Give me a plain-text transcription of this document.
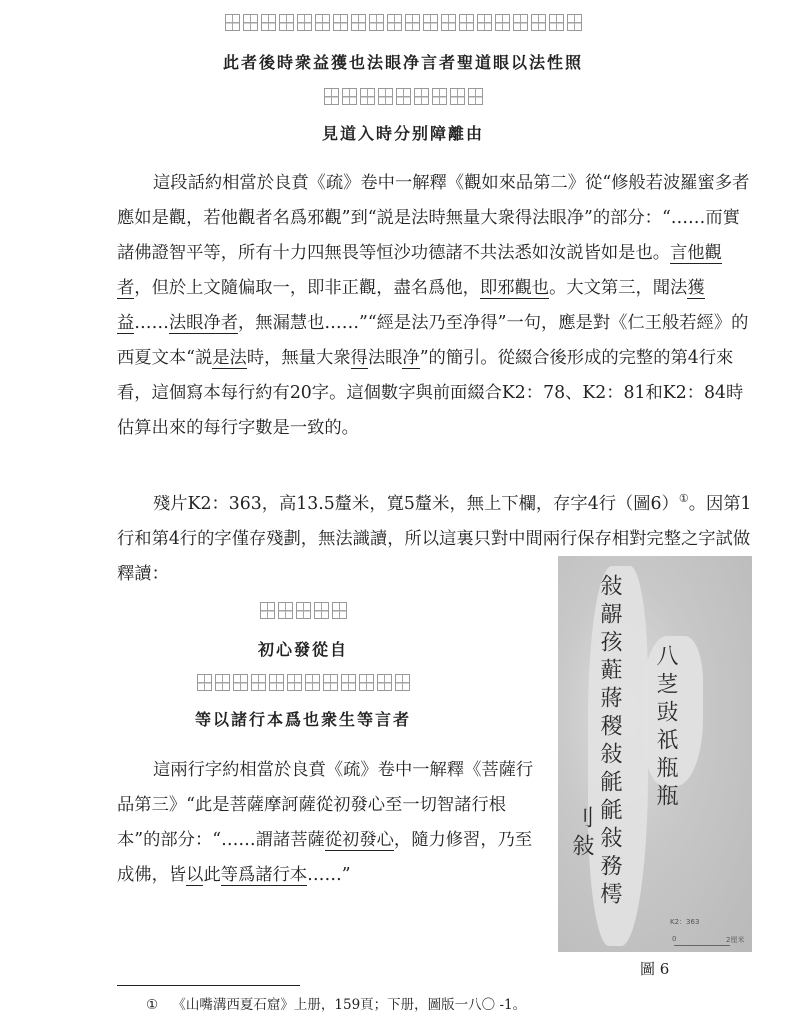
此者後時衆益獲也法眼净言者聖道眼以法性照
見道入時分别障離由

這段話約相當於良賁《疏》卷中一解釋《觀如來品第二》從“修般若波羅蜜多者應如是觀，若他觀者名爲邪觀”到“説是法時無量大衆得法眼净”的部分：“……而實諸佛證智平等，所有十力四無畏等恒沙功德諸不共法悉如汝説皆如是也。言他觀者，但於上文隨偏取一，即非正觀，盡名爲他，即邪觀也。大文第三，聞法獲益……法眼净者，無漏慧也……”“經是法乃至净得”一句，應是對《仁王般若經》的西夏文本“説是法時，無量大衆得法眼净”的簡引。從綴合後形成的完整的第4行來看，這個寫本每行約有20字。這個數字與前面綴合K2：78、K2：81和K2：84時估算出來的每行字數是一致的。

殘片K2：363，高13.5釐米，寬5釐米，無上下欄，存字4行（圖6）①。因第1行和第4行的字僅存殘劃，無法識讀，所以這裏只對中間兩行保存相對完整之字試做釋讀：

初心發從自
等以諸行本爲也衆生等言者

這兩行字約相當於良賁《疏》卷中一解釋《菩薩行品第三》“此是菩薩摩訶薩從初發心至一切智諸行根本”的部分：“……謂諸菩薩從初發心，隨力修習，乃至成佛，皆以此等爲諸行本……”	敍髜孩蘣蔣稯敍毹毹敍務樗 八䒦䜴祇瓶瓶
刂敍
K2：363
0	2厘米
圖 6
① 《山嘴溝西夏石窟》上册，159頁；下册，圖版一八〇 -1。
